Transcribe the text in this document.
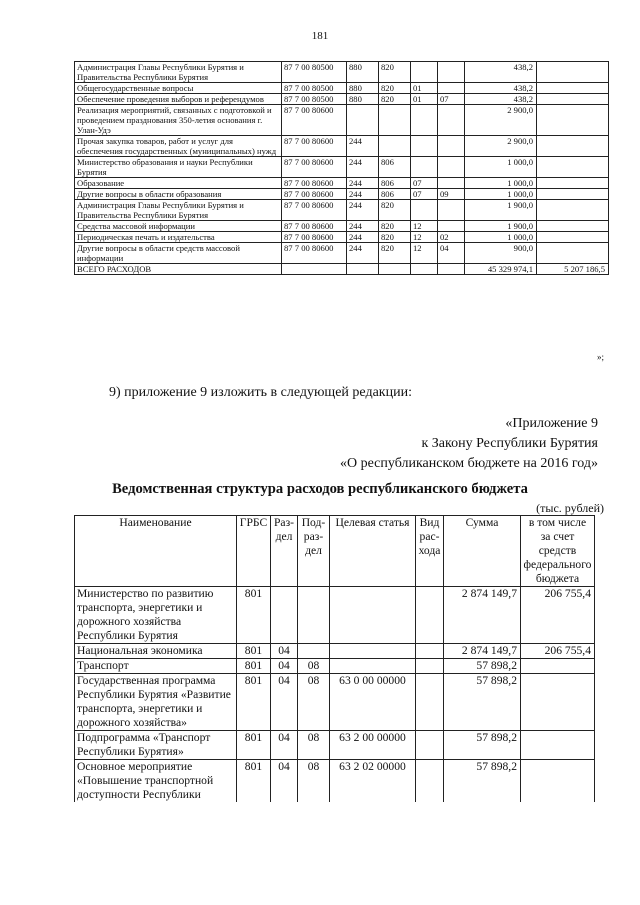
181
Администрация Главы Республики Бурятия и Правительства Республики Бурятия	87 7 00 80500	880	820			438,2	
Общегосударственные вопросы	87 7 00 80500	880	820	01		438,2	
Обеспечение проведения выборов и референдумов	87 7 00 80500	880	820	01	07	438,2	
Реализация мероприятий, связанных с подготовкой и проведением празднования 350-летия основания г. Улан-Удэ	87 7 00 80600					2 900,0	
Прочая закупка товаров, работ и услуг для обеспечения государственных (муниципальных) нужд	87 7 00 80600	244				2 900,0	
Министерство образования и науки Республики Бурятия	87 7 00 80600	244	806			1 000,0	
Образование	87 7 00 80600	244	806	07		1 000,0	
Другие вопросы в области образования	87 7 00 80600	244	806	07	09	1 000,0	
Администрация Главы Республики Бурятия и Правительства Республики Бурятия	87 7 00 80600	244	820			1 900,0	
Средства массовой информации	87 7 00 80600	244	820	12		1 900,0	
Периодическая печать и издательства	87 7 00 80600	244	820	12	02	1 000,0	
Другие вопросы в области средств массовой информации	87 7 00 80600	244	820	12	04	900,0	
ВСЕГО РАСХОДОВ						45 329 974,1	5 207 186,5
»;
9) приложение 9 изложить в следующей редакции:
«Приложение 9
к Закону Республики Бурятия
«О республиканском бюджете на 2016 год»
Ведомственная структура расходов республиканского бюджета
(тыс. рублей)
Наименование	ГРБС	Раз-дел	Под-раз-дел	Целевая статья	Вид рас-хода	Сумма	в том числе за счет средств федерального бюджета
Министерство по развитию транспорта, энергетики и дорожного хозяйства Республики Бурятия	801					2 874 149,7	206 755,4
Национальная экономика	801	04				2 874 149,7	206 755,4
Транспорт	801	04	08			57 898,2	
Государственная программа Республики Бурятия «Развитие транспорта, энергетики и дорожного хозяйства»	801	04	08	63 0 00 00000		57 898,2	
Подпрограмма «Транспорт Республики Бурятия»	801	04	08	63 2 00 00000		57 898,2	
Основное мероприятие «Повышение транспортной доступности Республики	801	04	08	63 2 02 00000		57 898,2	
